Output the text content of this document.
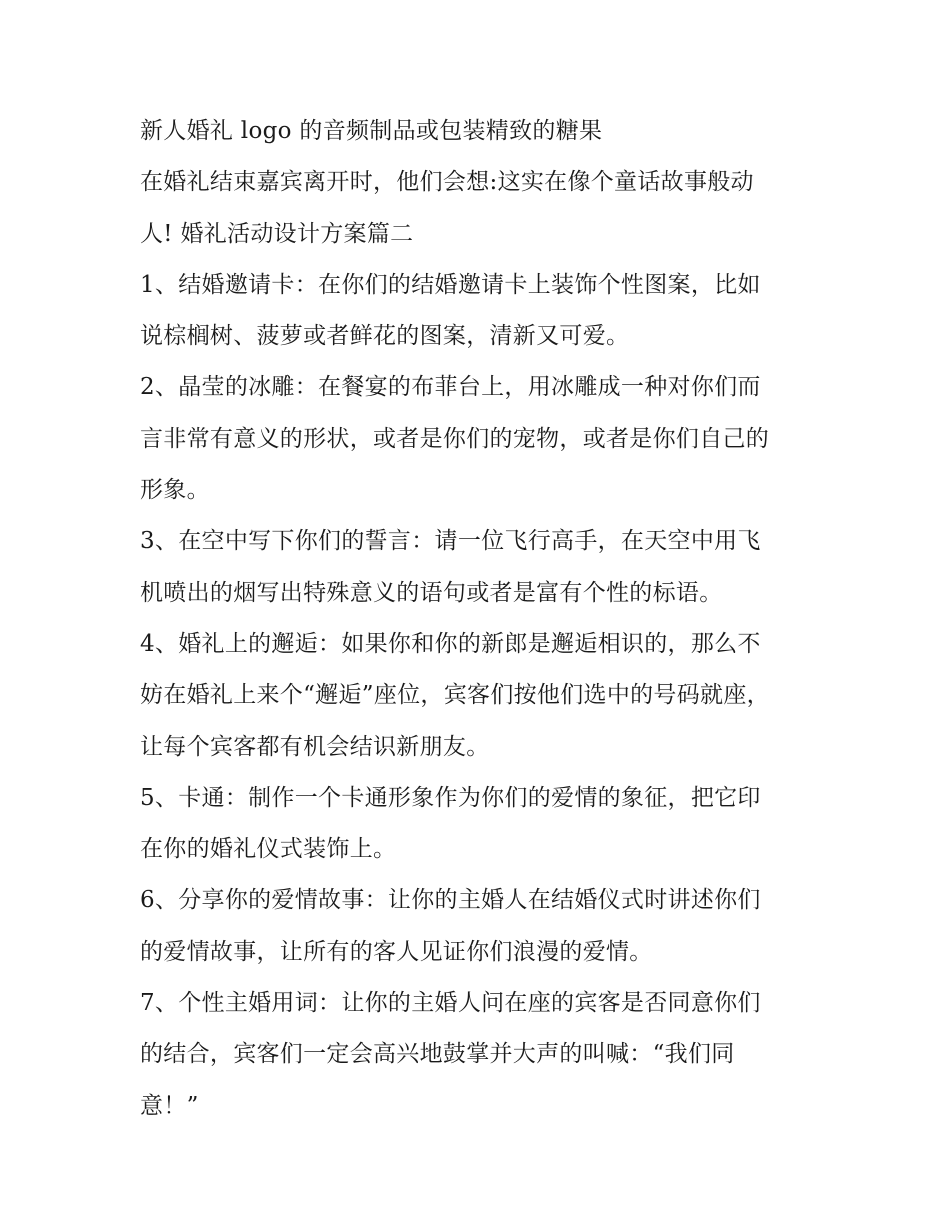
新人婚礼 logo 的音频制品或包装精致的糖果

在婚礼结束嘉宾离开时，他们会想:这实在像个童话故事般动

人! 婚礼活动设计方案篇二

1、结婚邀请卡：在你们的结婚邀请卡上装饰个性图案，比如

说棕榈树、菠萝或者鲜花的图案，清新又可爱。

2、晶莹的冰雕：在餐宴的布菲台上，用冰雕成一种对你们而

言非常有意义的形状，或者是你们的宠物，或者是你们自己的

形象。

3、在空中写下你们的誓言：请一位飞行高手，在天空中用飞

机喷出的烟写出特殊意义的语句或者是富有个性的标语。

4、婚礼上的邂逅：如果你和你的新郎是邂逅相识的，那么不

妨在婚礼上来个“邂逅”座位，宾客们按他们选中的号码就座，

让每个宾客都有机会结识新朋友。

5、卡通：制作一个卡通形象作为你们的爱情的象征，把它印

在你的婚礼仪式装饰上。

6、分享你的爱情故事：让你的主婚人在结婚仪式时讲述你们

的爱情故事，让所有的客人见证你们浪漫的爱情。

7、个性主婚用词：让你的主婚人问在座的宾客是否同意你们

的结合，宾客们一定会高兴地鼓掌并大声的叫喊：“我们同

意！”
